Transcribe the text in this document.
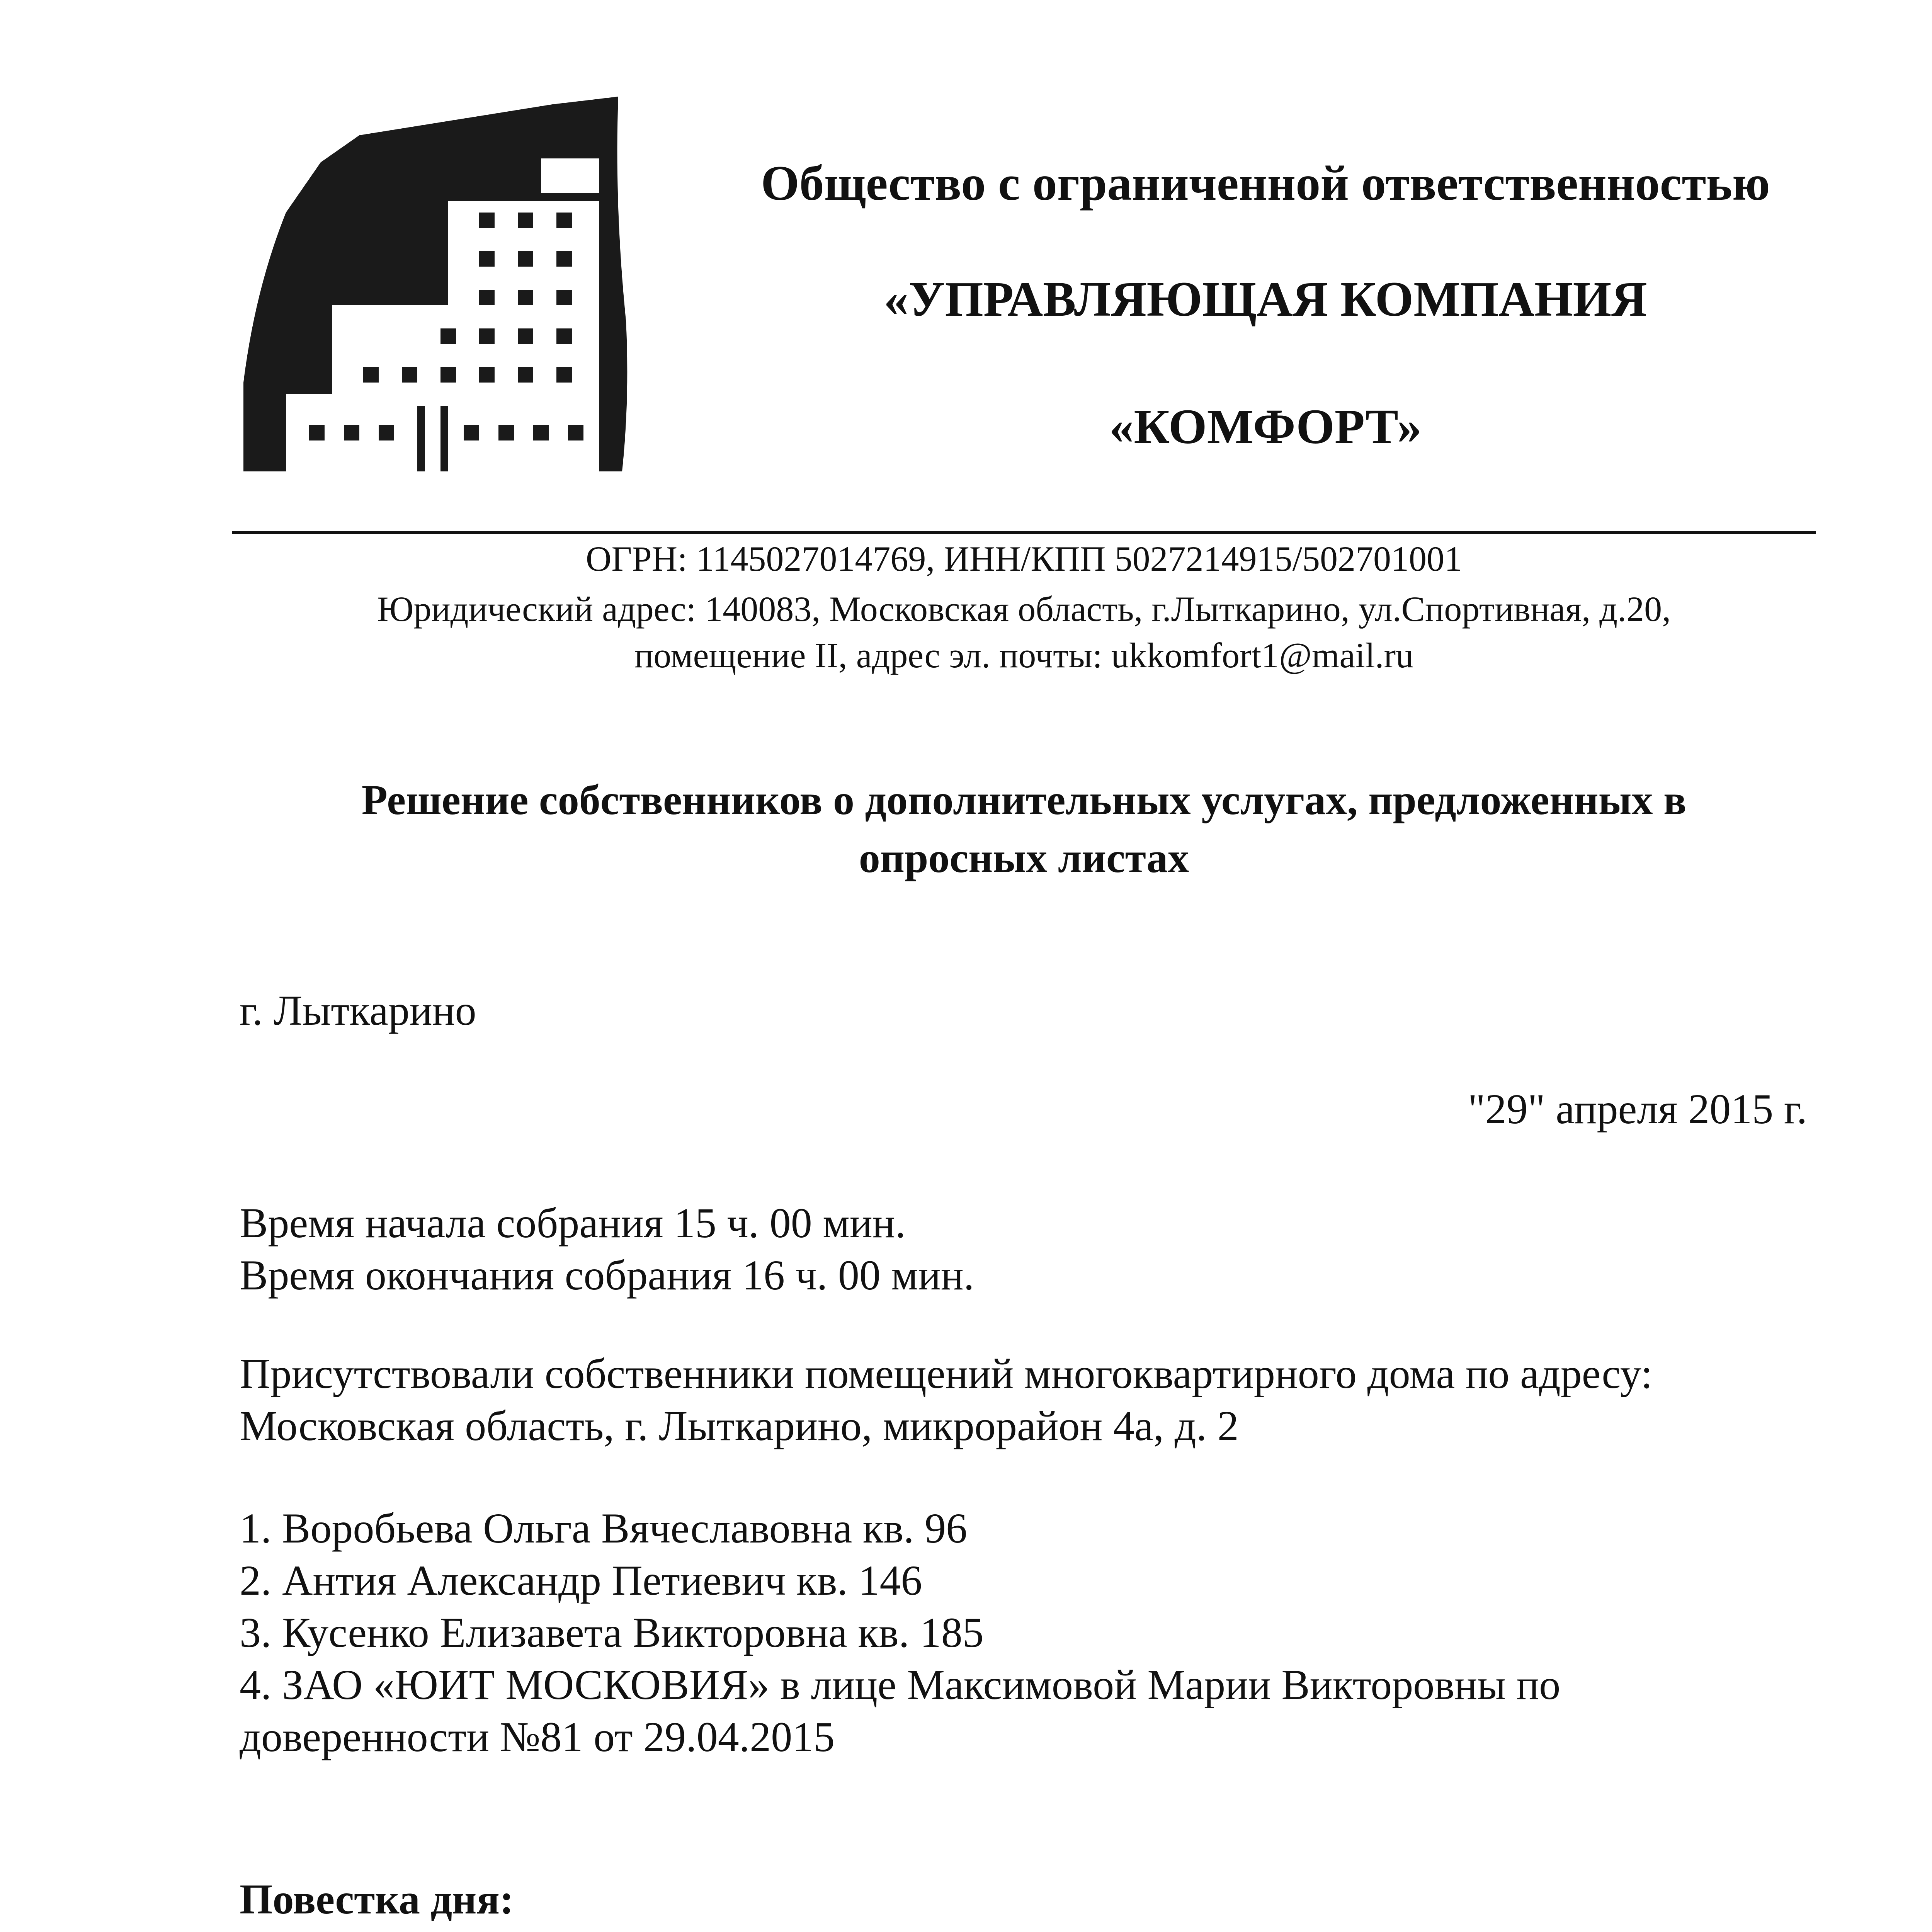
Общество с ограниченной ответственностью
«УПРАВЛЯЮЩАЯ КОМПАНИЯ
«КОМФОРТ»
ОГРН: 1145027014769, ИНН/КПП 5027214915/502701001
Юридический адрес: 140083, Московская область, г.Лыткарино, ул.Спортивная, д.20,
помещение II, адрес эл. почты: ukkomfort1@mail.ru
Решение собственников о дополнительных услугах, предложенных в
опросных листах
г. Лыткарино
"29" апреля 2015 г.
Время начала собрания 15 ч. 00 мин.
Время окончания собрания 16 ч. 00 мин.
Присутствовали собственники помещений многоквартирного дома по адресу:
Московская область, г. Лыткарино, микрорайон 4а, д. 2
1. Воробьева Ольга Вячеславовна кв. 96
2. Антия Александр Петиевич кв. 146
3. Кусенко Елизавета Викторовна кв. 185
4. ЗАО «ЮИТ МОСКОВИЯ» в лице Максимовой Марии Викторовны по
доверенности №81 от 29.04.2015
Повестка дня:
